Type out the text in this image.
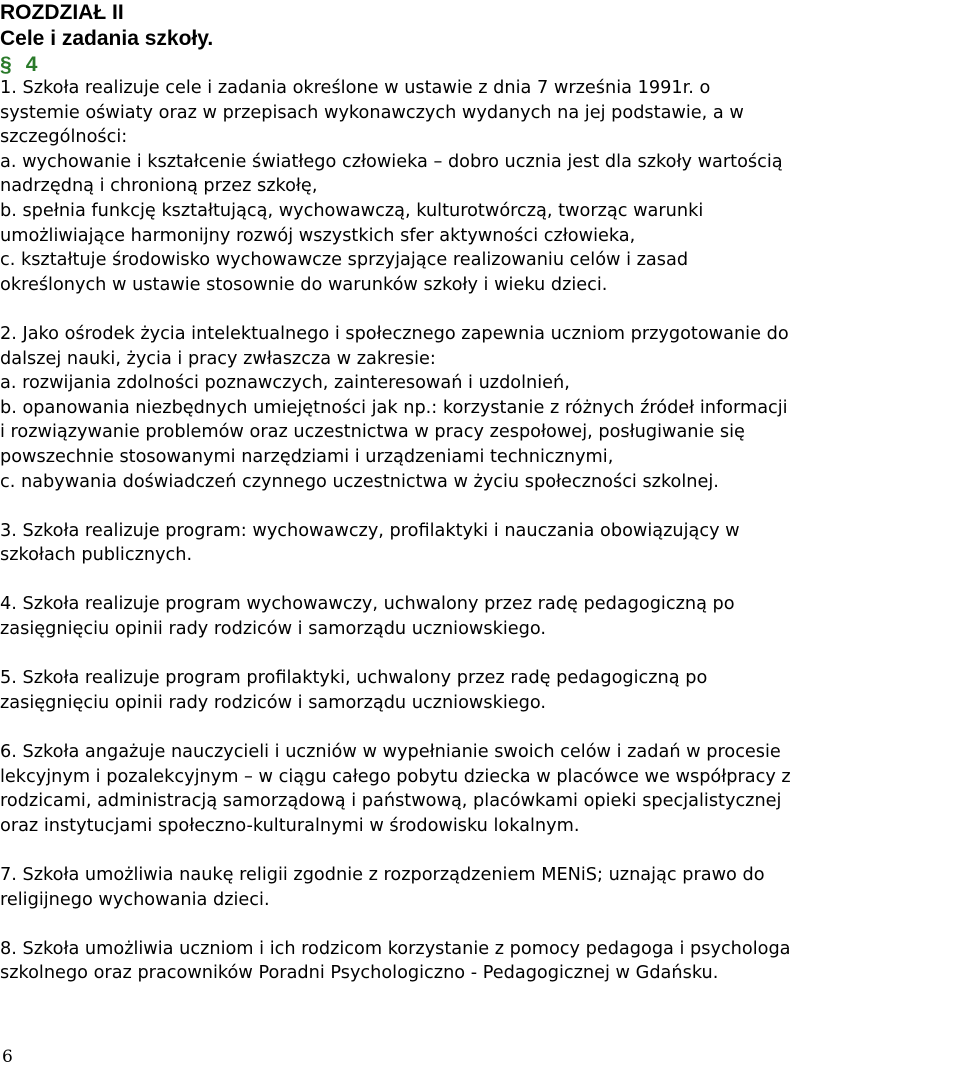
ROZDZIAŁ II

Cele i zadania szkoły.

§ 4

1. Szkoła realizuje cele i zadania określone w ustawie z dnia 7 września 1991r. o

systemie oświaty oraz w przepisach wykonawczych wydanych na jej podstawie, a w

szczególności:

a. wychowanie i kształcenie światłego człowieka – dobro ucznia jest dla szkoły wartością

nadrzędną i chronioną przez szkołę,

b. spełnia funkcję kształtującą, wychowawczą, kulturotwórczą, tworząc warunki

umożliwiające harmonijny rozwój wszystkich sfer aktywności człowieka,

c. kształtuje środowisko wychowawcze sprzyjające realizowaniu celów i zasad

określonych w ustawie stosownie do warunków szkoły i wieku dzieci.

2. Jako ośrodek życia intelektualnego i społecznego zapewnia uczniom przygotowanie do

dalszej nauki, życia i pracy zwłaszcza w zakresie:

a. rozwijania zdolności poznawczych, zainteresowań i uzdolnień,

b. opanowania niezbędnych umiejętności jak np.: korzystanie z różnych źródeł informacji

i rozwiązywanie problemów oraz uczestnictwa w pracy zespołowej, posługiwanie się

powszechnie stosowanymi narzędziami i urządzeniami technicznymi,

c. nabywania doświadczeń czynnego uczestnictwa w życiu społeczności szkolnej.

3. Szkoła realizuje program: wychowawczy, profilaktyki i nauczania obowiązujący w

szkołach publicznych.

4. Szkoła realizuje program wychowawczy, uchwalony przez radę pedagogiczną po

zasięgnięciu opinii rady rodziców i samorządu uczniowskiego.

5. Szkoła realizuje program profilaktyki, uchwalony przez radę pedagogiczną po

zasięgnięciu opinii rady rodziców i samorządu uczniowskiego.

6. Szkoła angażuje nauczycieli i uczniów w wypełnianie swoich celów i zadań w procesie

lekcyjnym i pozalekcyjnym – w ciągu całego pobytu dziecka w placówce we współpracy z

rodzicami, administracją samorządową i państwową, placówkami opieki specjalistycznej

oraz instytucjami społeczno-kulturalnymi w środowisku lokalnym.

7. Szkoła umożliwia naukę religii zgodnie z rozporządzeniem MENiS; uznając prawo do

religijnego wychowania dzieci.

8. Szkoła umożliwia uczniom i ich rodzicom korzystanie z pomocy pedagoga i psychologa

szkolnego oraz pracowników Poradni Psychologiczno - Pedagogicznej w Gdańsku.

6
